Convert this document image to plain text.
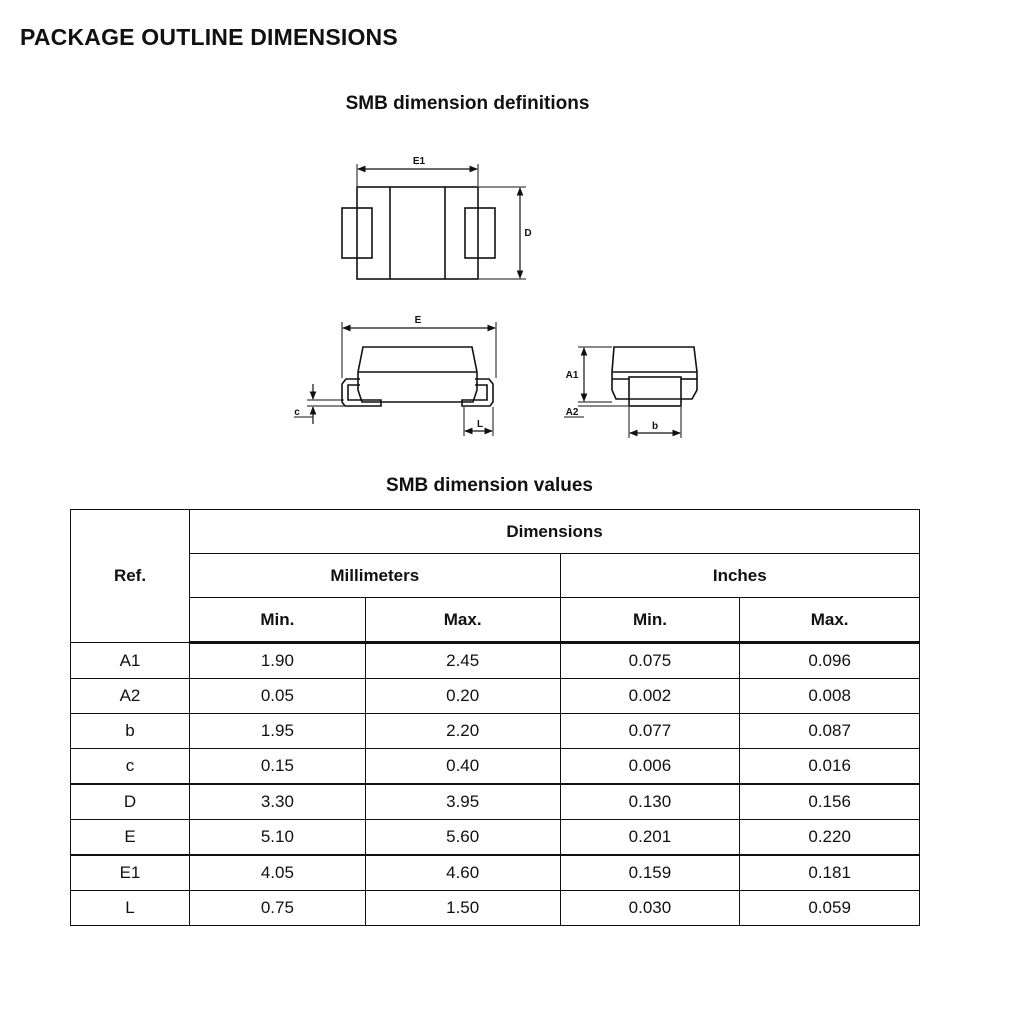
PACKAGE OUTLINE DIMENSIONS
SMB dimension definitions
E1
D
E
c
L
A1
A2
b
SMB dimension values
Ref.	Dimensions			
	Millimeters		Inches	
	Min.	Max.	Min.	Max.
A1	1.90	2.45	0.075	0.096
A2	0.05	0.20	0.002	0.008
b	1.95	2.20	0.077	0.087
c	0.15	0.40	0.006	0.016
D	3.30	3.95	0.130	0.156
E	5.10	5.60	0.201	0.220
E1	4.05	4.60	0.159	0.181
L	0.75	1.50	0.030	0.059
